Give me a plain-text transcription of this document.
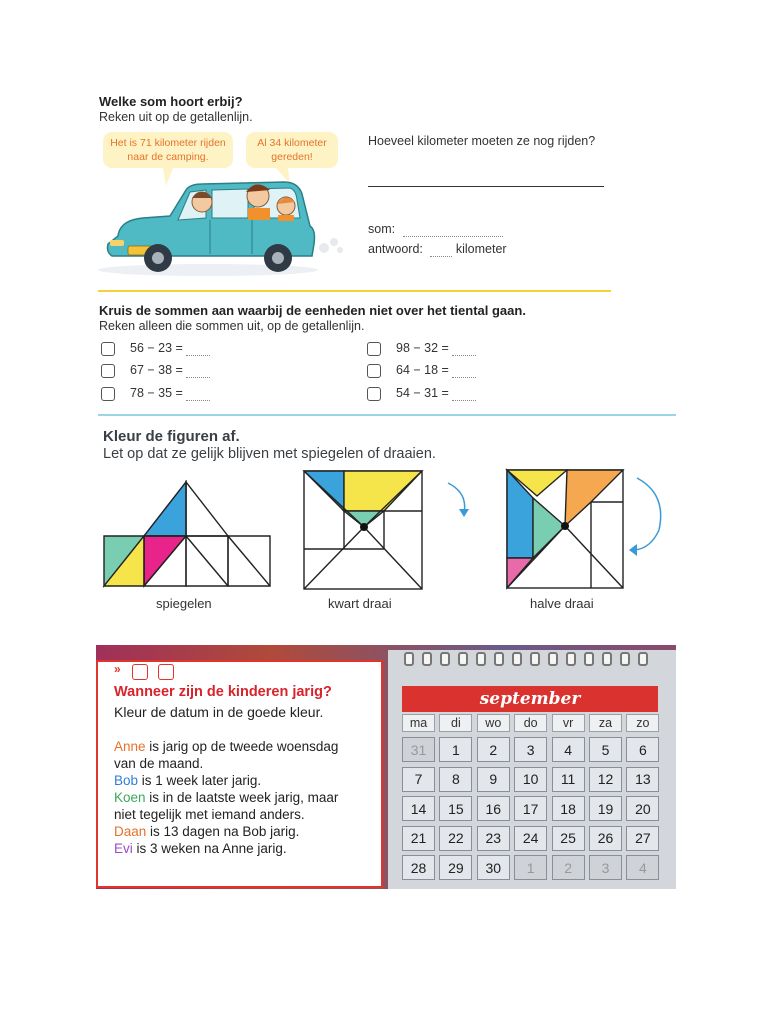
Welke som hoort erbij?
Reken uit op de getallenlijn.
Het is 71 kilometer rijden naar de camping.
Al 34 kilometer gereden!
Hoeveel kilometer moeten ze nog rijden?
som:
antwoord:	kilometer
Kruis de sommen aan waarbij de eenheden niet over het tiental gaan.
Reken alleen die sommen uit, op de getallenlijn.
56 − 23 =
67 − 38 =
78 − 35 =
98 − 32 =
64 − 18 =
54 − 31 =
Kleur de figuren af.
Let op dat ze gelijk blijven met spiegelen of draaien.
spiegelen	kwart draai	halve draai
»
Wanneer zijn de kinderen jarig?
Kleur de datum in de goede kleur.
Anne is jarig op de tweede woensdag
van de maand.
Bob is 1 week later jarig.
Koen is in de laatste week jarig, maar
niet tegelijk met iemand anders.
Daan is 13 dagen na Bob jarig.
Evi is 3 weken na Anne jarig.
september
ma	di	wo	do	vr	za	zo
31	1	2	3	4	5	6
7	8	9	10	11	12	13
14	15	16	17	18	19	20
21	22	23	24	25	26	27
28	29	30	1	2	3	4
